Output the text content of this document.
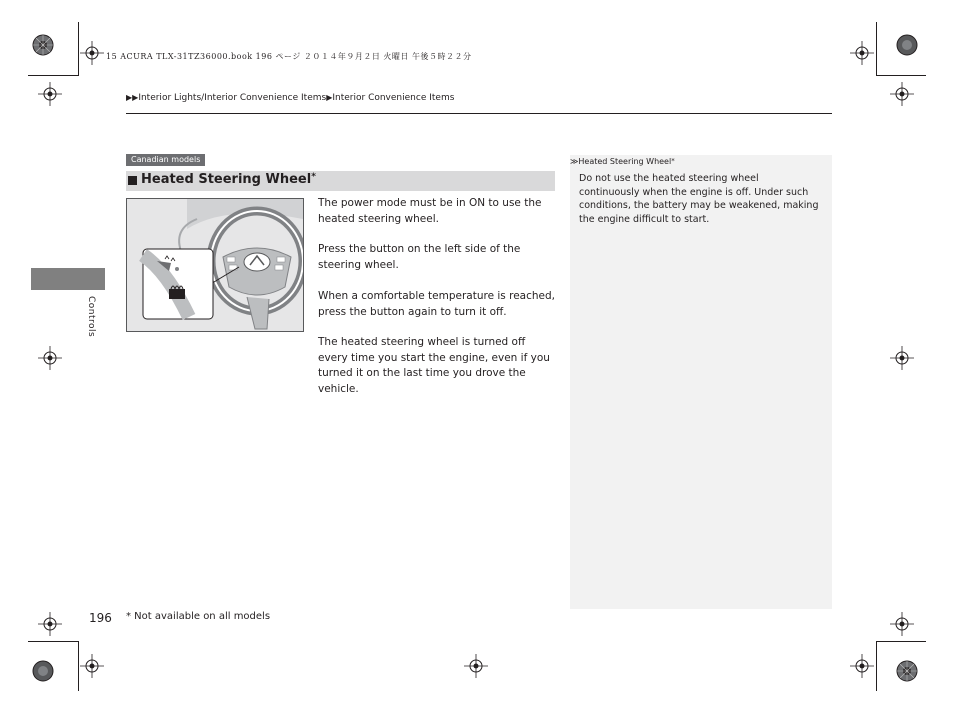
15 ACURA TLX-31TZ36000.book 196 ページ ２０１４年９月２日 火曜日 午後５時２２分
▶▶Interior Lights/Interior Convenience Items▶Interior Convenience Items
Controls
Canadian models
Heated Steering Wheel*
The power mode must be in ON to use the heated steering wheel.
Press the button on the left side of the steering wheel.
When a comfortable temperature is reached, press the button again to turn it off.
The heated steering wheel is turned off every time you start the engine, even if you turned it on the last time you drove the vehicle.
≫Heated Steering Wheel*
Do not use the heated steering wheel continuously when the engine is off. Under such conditions, the battery may be weakened, making the engine difficult to start.
196 * Not available on all models
